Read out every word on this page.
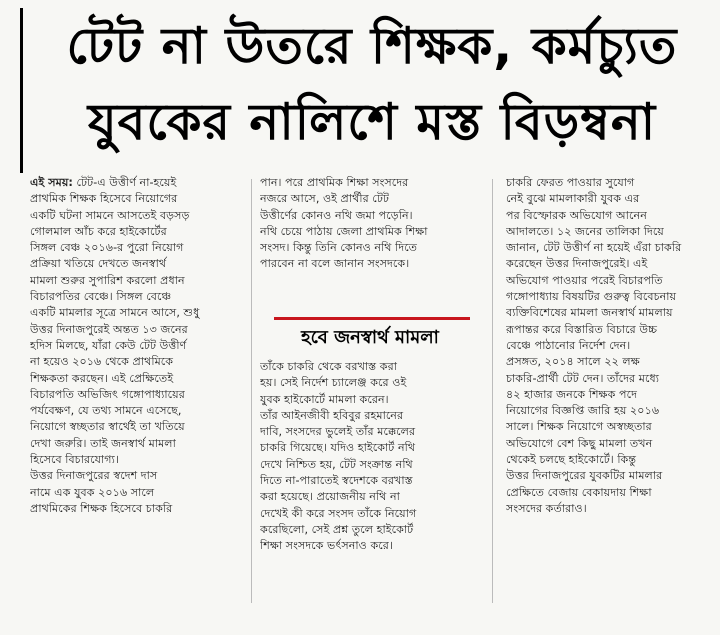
টেট না উতরে শিক্ষক, কর্মচ্যুত
যুবকের নালিশে মস্ত বিড়ম্বনা
এই সময়: টেট-এ উত্তীর্ণ না-হয়েই
প্রাথমিক শিক্ষক হিসেবে নিয়োগের
একটি ঘটনা সামনে আসতেই বড়সড়
গোলমাল আঁচ করে হাইকোর্টের
সিঙ্গল বেঞ্চ ২০১৬-র পুরো নিয়োগ
প্রক্রিয়া খতিয়ে দেখতে জনস্বার্থ
মামলা শুরুর সুপারিশ করলো প্রধান
বিচারপতির বেঞ্চে। সিঙ্গল বেঞ্চে
একটি মামলার সূত্রে সামনে আসে, শুধু
উত্তর দিনাজপুরেই অন্তত ১৩ জনের
হদিস মিলছে, যাঁরা কেউ টেট উত্তীর্ণ
না হয়েও ২০১৬ থেকে প্রাথমিকে
শিক্ষকতা করছেন। এই প্রেক্ষিতেই
বিচারপতি অভিজিৎ গঙ্গোপাধ্যায়ের
পর্যবেক্ষণ, যে তথ্য সামনে এসেছে,
নিয়োগে স্বচ্ছতার স্বার্থেই তা খতিয়ে
দেখা জরুরি। তাই জনস্বার্থ মামলা
হিসেবে বিচারযোগ্য।
উত্তর দিনাজপুরের স্বদেশ দাস
নামে এক যুবক ২০১৬ সালে
প্রাথমিকের শিক্ষক হিসেবে চাকরি
পান। পরে প্রাথমিক শিক্ষা সংসদের
নজরে আসে, ওই প্রার্থীর টেট
উত্তীর্ণের কোনও নথি জমা পড়েনি।
নথি চেয়ে পাঠায় জেলা প্রাথমিক শিক্ষা
সংসদ। কিন্তু তিনি কোনও নথি দিতে
পারবেন না বলে জানান সংসদকে।
হবে জনস্বার্থ মামলা
তাঁকে চাকরি থেকে বরখাস্ত করা
হয়। সেই নির্দেশ চ্যালেঞ্জ করে ওই
যুবক হাইকোর্টে মামলা করেন।
তাঁর আইনজীবী হবিবুর রহমানের
দাবি, সংসদের ভুলেই তাঁর মক্কেলের
চাকরি গিয়েছে। যদিও হাইকোর্ট নথি
দেখে নিশ্চিত হয়, টেট সংক্রান্ত নথি
দিতে না-পারাতেই স্বদেশকে বরখাস্ত
করা হয়েছে। প্রয়োজনীয় নথি না
দেখেই কী করে সংসদ তাঁকে নিয়োগ
করেছিলো, সেই প্রশ্ন তুলে হাইকোর্ট
শিক্ষা সংসদকে ভর্ৎসনাও করে।
চাকরি ফেরত পাওয়ার সুযোগ
নেই বুঝে মামলাকারী যুবক এর
পর বিস্ফোরক অভিযোগ আনেন
আদালতে। ১২ জনের তালিকা দিয়ে
জানান, টেট উত্তীর্ণ না হয়েই এঁরা চাকরি
করেছেন উত্তর দিনাজপুরেই। এই
অভিযোগ পাওয়ার পরেই বিচারপতি
গঙ্গোপাধ্যায় বিষয়টির গুরুত্ব বিবেচনায়
ব্যক্তিবিশেষের মামলা জনস্বার্থ মামলায়
রূপান্তর করে বিস্তারিত বিচারে উচ্চ
বেঞ্চে পাঠানোর নির্দেশ দেন।
প্রসঙ্গত, ২০১৪ সালে ২২ লক্ষ
চাকরি-প্রার্থী টেট দেন। তাঁদের মধ্যে
৪২ হাজার জনকে শিক্ষক পদে
নিয়োগের বিজ্ঞপ্তি জারি হয় ২০১৬
সালে। শিক্ষক নিয়োগে অস্বচ্ছতার
অভিযোগে বেশ কিছু মামলা তখন
থেকেই চলছে হাইকোর্টে। কিন্তু
উত্তর দিনাজপুরের যুবকটির মামলার
প্রেক্ষিতে বেজায় বেকায়দায় শিক্ষা
সংসদের কর্তারাও।
